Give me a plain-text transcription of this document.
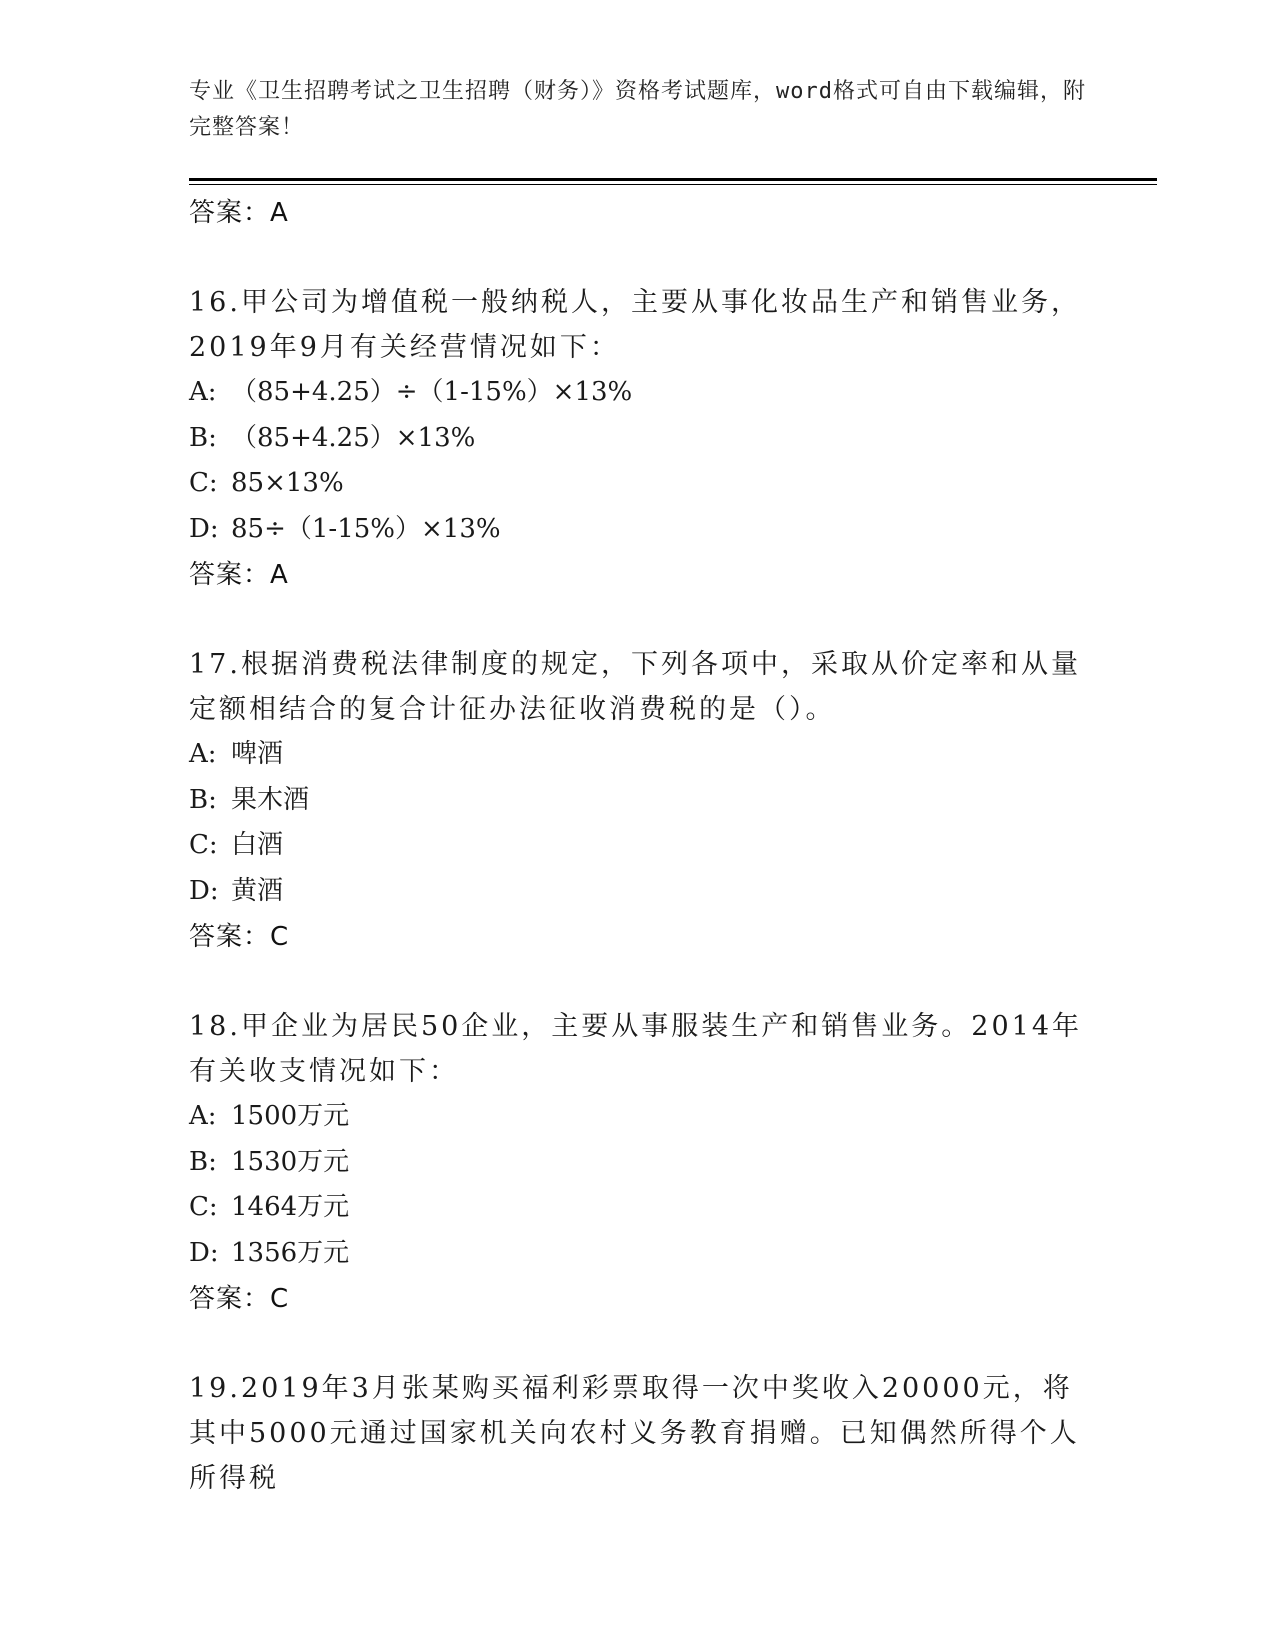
专业《卫生招聘考试之卫生招聘（财务）》资格考试题库，word格式可自由下载编辑，附完整答案！
答案：A
16.甲公司为增值税一般纳税人，主要从事化妆品生产和销售业务，2019年9月有关经营情况如下：
A: （85+4.25）÷（1-15%）×13%
B: （85+4.25）×13%
C: 85×13%
D: 85÷（1-15%）×13%
答案：A
17.根据消费税法律制度的规定，下列各项中，采取从价定率和从量定额相结合的复合计征办法征收消费税的是（）。
A: 啤酒
B: 果木酒
C: 白酒
D: 黄酒
答案：C
18.甲企业为居民50企业，主要从事服装生产和销售业务。2014年有关收支情况如下：
A: 1500万元
B: 1530万元
C: 1464万元
D: 1356万元
答案：C
19.2019年3月张某购买福利彩票取得一次中奖收入20000元，将其中5000元通过国家机关向农村义务教育捐赠。已知偶然所得个人所得税
